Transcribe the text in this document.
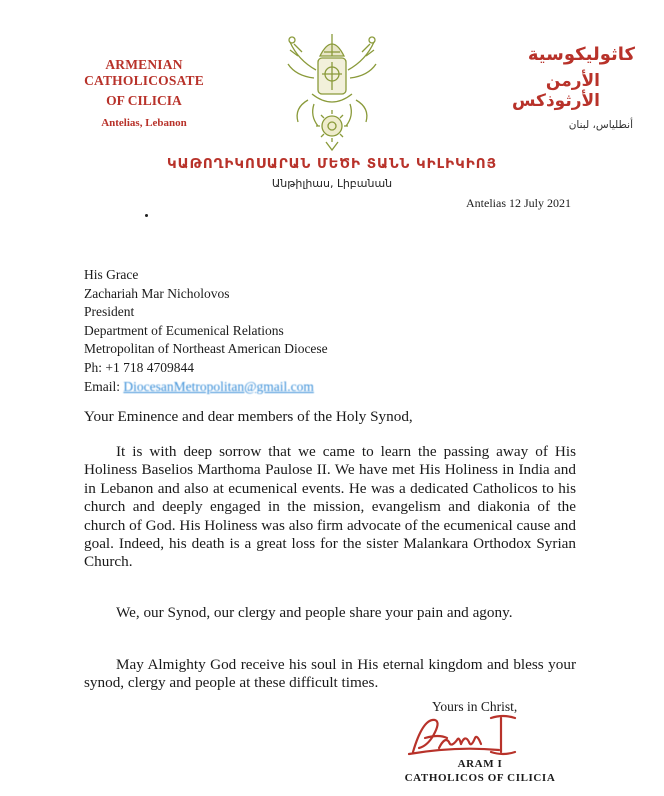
ARMENIAN CATHOLICOSATE
OF CILICIA
Antelias, Lebanon
كاثوليكوسية
الأرمن الأرثوذكس
أنطلياس، لبنان
ԿԱԹՈՂԻԿՈՍԱՐԱՆ ՄԵԾԻ ՏԱՆՆ ԿԻԼԻԿԻՈՅ
Անթիլիաս, Լիբանան
Antelias 12 July 2021
His Grace
Zachariah Mar Nicholovos
President
Department of Ecumenical Relations
Metropolitan of Northeast American Diocese
Ph: +1 718 4709844
Email: DiocesanMetropolitan@gmail.com
Your Eminence and dear members of the Holy Synod,
It is with deep sorrow that we came to learn the passing away of His Holiness Baselios Marthoma Paulose II. We have met His Holiness in India and in Lebanon and also at ecumenical events. He was a dedicated Catholicos to his church and deeply engaged in the mission, evangelism and diakonia of the church of God. His Holiness was also firm advocate of the ecumenical cause and goal. Indeed, his death is a great loss for the sister Malankara Orthodox Syrian Church.
We, our Synod, our clergy and people share your pain and agony.
May Almighty God receive his soul in His eternal kingdom and bless your synod, clergy and people at these difficult times.
Yours in Christ,
ARAM I
CATHOLICOS OF CILICIA
